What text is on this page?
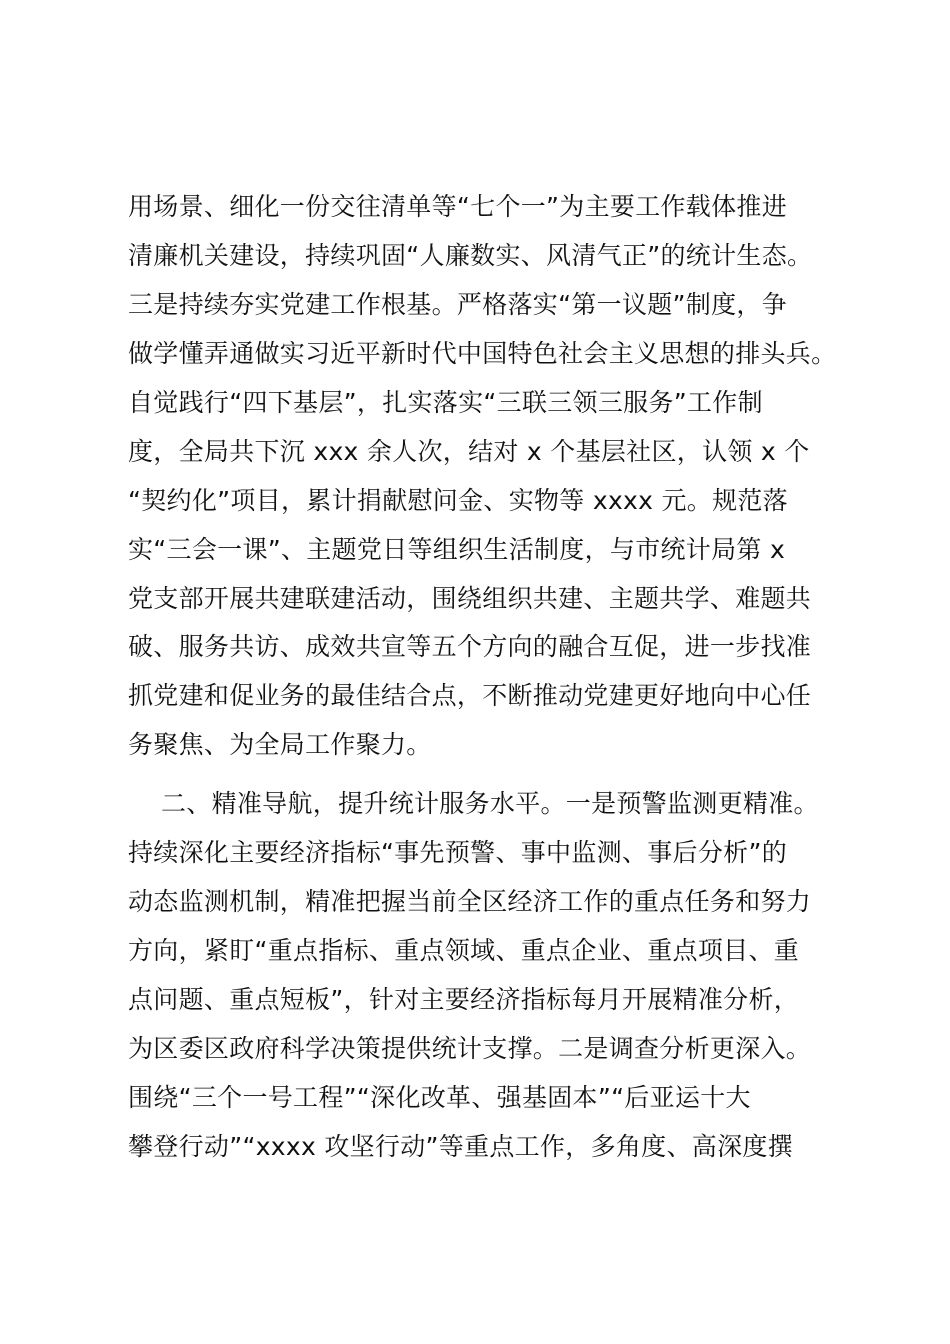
用场景、细化一份交往清单等“七个一”为主要工作载体推进
清廉机关建设，持续巩固“人廉数实、风清气正”的统计生态。
三是持续夯实党建工作根基。严格落实“第一议题”制度，争
做学懂弄通做实习近平新时代中国特色社会主义思想的排头兵。
自觉践行“四下基层”，扎实落实“三联三领三服务”工作制
度，全局共下沉 xxx 余人次，结对 x 个基层社区，认领 x 个
“契约化”项目，累计捐献慰问金、实物等 xxxx 元。规范落
实“三会一课”、主题党日等组织生活制度，与市统计局第 x
党支部开展共建联建活动，围绕组织共建、主题共学、难题共
破、服务共访、成效共宣等五个方向的融合互促，进一步找准
抓党建和促业务的最佳结合点，不断推动党建更好地向中心任
务聚焦、为全局工作聚力。
二、精准导航，提升统计服务水平。一是预警监测更精准。
持续深化主要经济指标“事先预警、事中监测、事后分析”的
动态监测机制，精准把握当前全区经济工作的重点任务和努力
方向，紧盯“重点指标、重点领域、重点企业、重点项目、重
点问题、重点短板”，针对主要经济指标每月开展精准分析，
为区委区政府科学决策提供统计支撑。二是调查分析更深入。
围绕“三个一号工程”“深化改革、强基固本”“后亚运十大
攀登行动”“xxxx 攻坚行动”等重点工作，多角度、高深度撰
